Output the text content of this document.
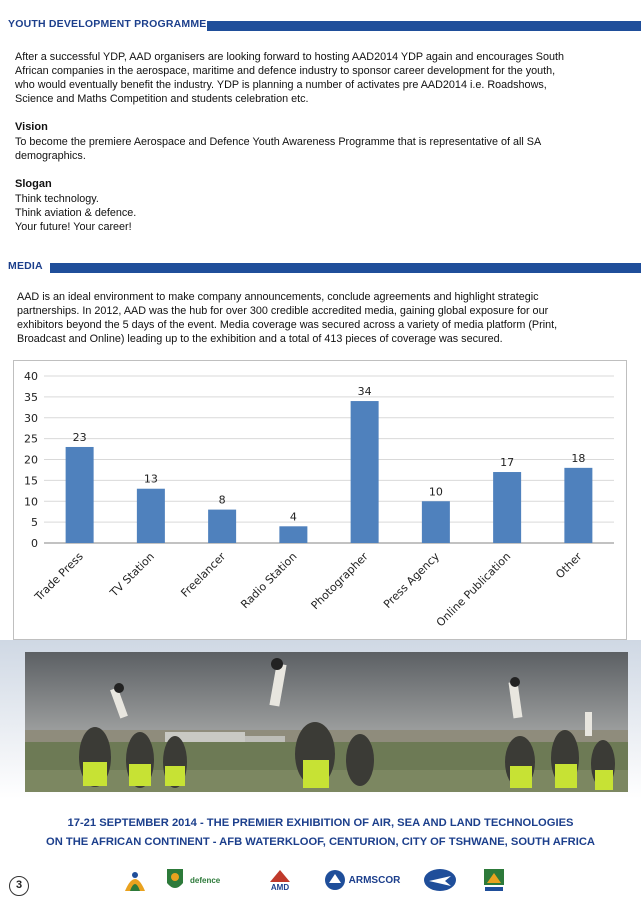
YOUTH DEVELOPMENT PROGRAMME
After a successful YDP, AAD organisers are looking forward to hosting AAD2014 YDP again and encourages South
African companies in the aerospace, maritime and defence industry to sponsor career development for the youth,
who would eventually benefit the industry. YDP is planning a number of activates pre AAD2014 i.e. Roadshows,
Science and Maths Competition and students celebration etc.
Vision
To become the premiere Aerospace and Defence Youth Awareness Programme that is representative of all SA
demographics.
Slogan
Think technology.
Think aviation & defence.
Your future! Your career!
MEDIA
AAD is an ideal environment to make company announcements, conclude agreements and highlight strategic
partnerships. In 2012, AAD was the hub for over 300 credible accredited media, gaining global exposure for our
exhibitors beyond the 5 days of the event. Media coverage was secured across a variety of media platform (Print,
Broadcast and Online) leading up to the exhibition and a total of 413 pieces of coverage was secured.
0
5
10
15
20
25
30
35
40
23
Trade Press
13
TV Station
8
Freelancer
4
Radio Station
34
Photographer
10
Press Agency
17
Online Publication
18
Other
17-21 SEPTEMBER 2014 - THE PREMIER EXHIBITION OF AIR, SEA AND LAND TECHNOLOGIES
ON THE AFRICAN CONTINENT - AFB WATERKLOOF, CENTURION, CITY OF TSHWANE, SOUTH AFRICA
3	defence
AMD
ARMSCOR
